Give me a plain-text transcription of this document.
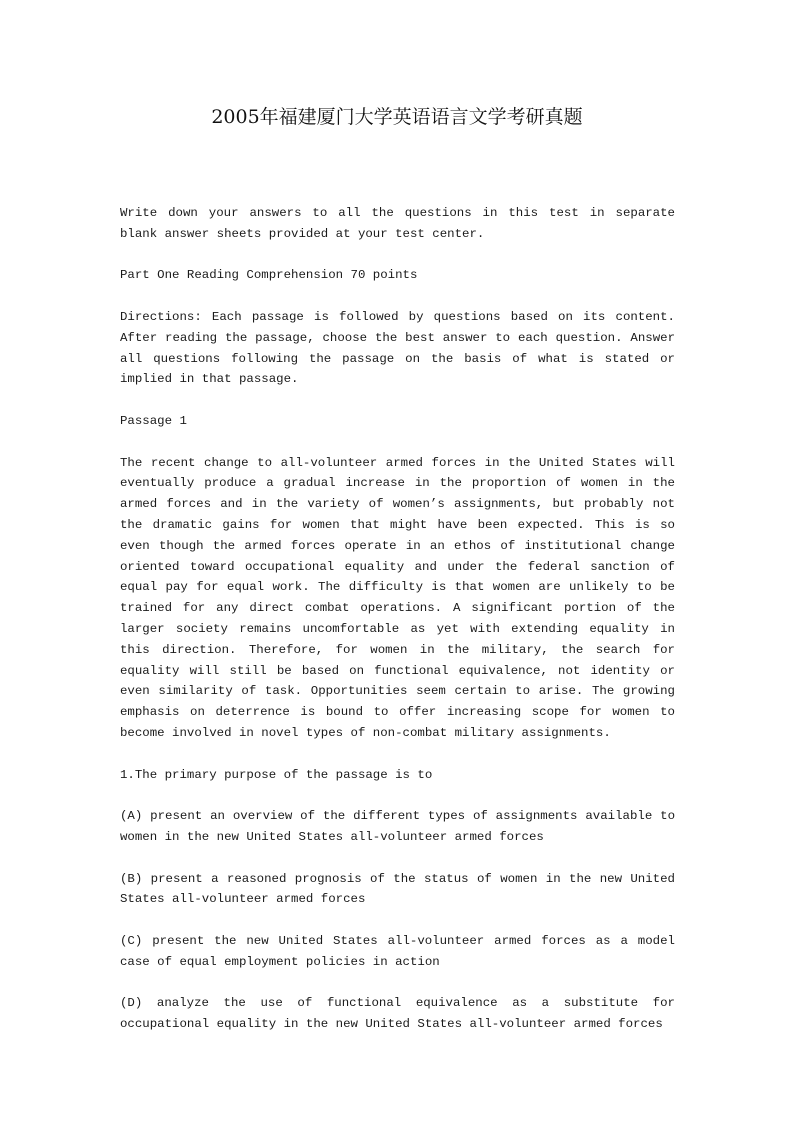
2005年福建厦门大学英语语言文学考研真题

Write down your answers to all the questions in this test in separate blank answer sheets provided at your test center.

Part One Reading Comprehension 70 points

Directions: Each passage is followed by questions based on its content. After reading the passage, choose the best answer to each question. Answer all questions following the passage on the basis of what is stated or implied in that passage.

Passage 1

The recent change to all-volunteer armed forces in the United States will eventually produce a gradual increase in the proportion of women in the armed forces and in the variety of women’s assignments, but probably not the dramatic gains for women that might have been expected. This is so even though the armed forces operate in an ethos of institutional change oriented toward occupational equality and under the federal sanction of equal pay for equal work. The difficulty is that women are unlikely to be trained for any direct combat operations. A significant portion of the larger society remains uncomfortable as yet with extending equality in this direction. Therefore, for women in the military, the search for equality will still be based on functional equivalence, not identity or even similarity of task. Opportunities seem certain to arise. The growing emphasis on deterrence is bound to offer increasing scope for women to become involved in novel types of non-combat military assignments.

1.The primary purpose of the passage is to

(A) present an overview of the different types of assignments available to women in the new United States all-volunteer armed forces

(B) present a reasoned prognosis of the status of women in the new United States all-volunteer armed forces

(C) present the new United States all-volunteer armed forces as a model case of equal employment policies in action

(D) analyze the use of functional equivalence as a substitute for occupational equality in the new United States all-volunteer armed forces
